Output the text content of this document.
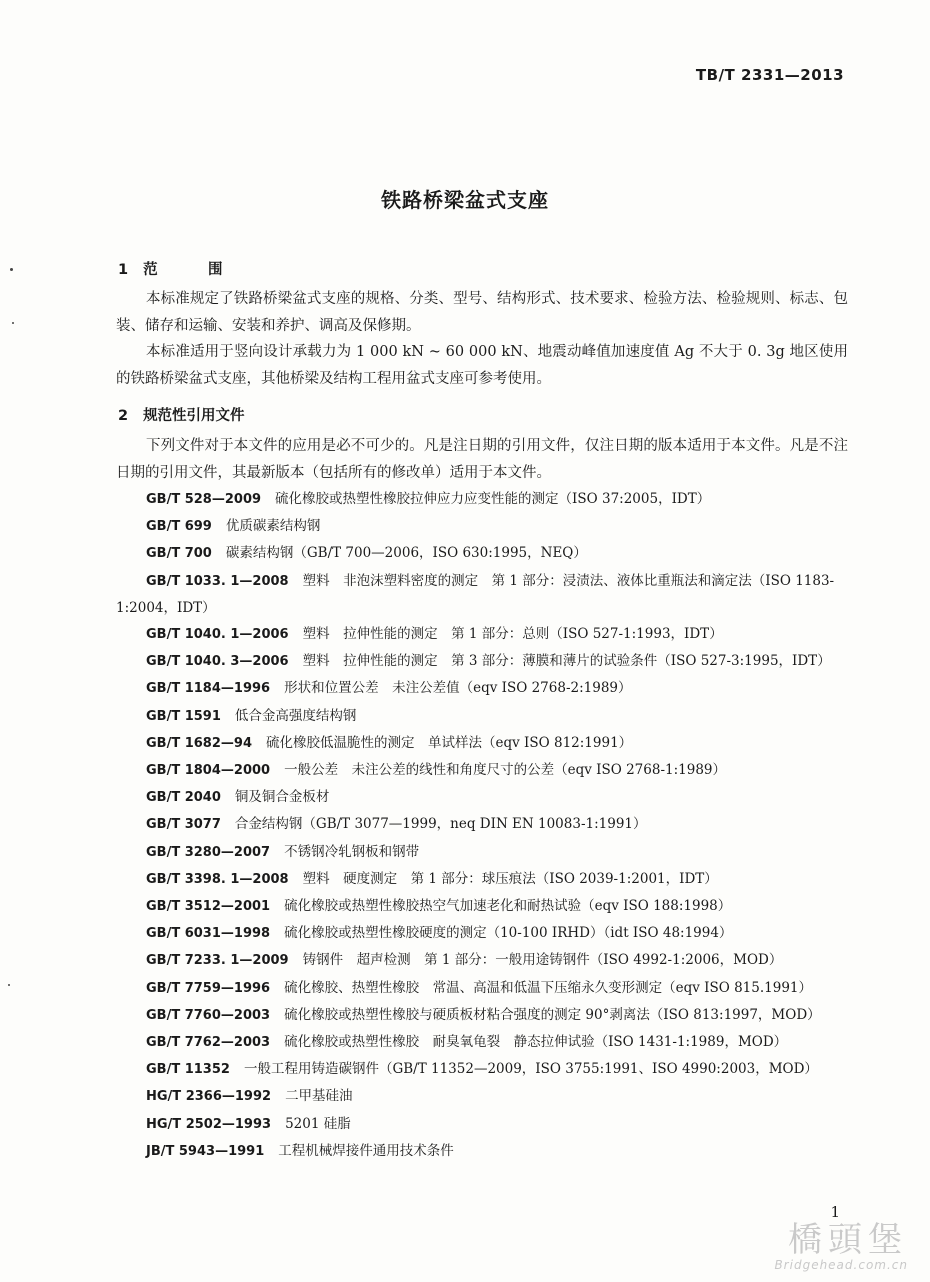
TB/T 2331—2013
铁路桥梁盆式支座
1 范　围
本标准规定了铁路桥梁盆式支座的规格、分类、型号、结构形式、技术要求、检验方法、检验规则、标志、包装、储存和运输、安装和养护、调高及保修期。
本标准适用于竖向设计承载力为 1 000 kN ~ 60 000 kN、地震动峰值加速度值 Ag 不大于 0. 3g 地区使用的铁路桥梁盆式支座，其他桥梁及结构工程用盆式支座可参考使用。
2 规范性引用文件
下列文件对于本文件的应用是必不可少的。凡是注日期的引用文件，仅注日期的版本适用于本文件。凡是不注日期的引用文件，其最新版本（包括所有的修改单）适用于本文件。
GB/T 528—2009 硫化橡胶或热塑性橡胶拉伸应力应变性能的测定（ISO 37:2005，IDT）
GB/T 699 优质碳素结构钢
GB/T 700 碳素结构钢（GB/T 700—2006，ISO 630:1995，NEQ）
GB/T 1033. 1—2008 塑料　非泡沫塑料密度的测定　第 1 部分：浸渍法、液体比重瓶法和滴定法（ISO 1183-1:2004，IDT）
GB/T 1040. 1—2006 塑料　拉伸性能的测定　第 1 部分：总则（ISO 527-1:1993，IDT）
GB/T 1040. 3—2006 塑料　拉伸性能的测定　第 3 部分：薄膜和薄片的试验条件（ISO 527-3:1995，IDT）
GB/T 1184—1996 形状和位置公差　未注公差值（eqv ISO 2768-2:1989）
GB/T 1591 低合金高强度结构钢
GB/T 1682—94 硫化橡胶低温脆性的测定　单试样法（eqv ISO 812:1991）
GB/T 1804—2000 一般公差　未注公差的线性和角度尺寸的公差（eqv ISO 2768-1:1989）
GB/T 2040 铜及铜合金板材
GB/T 3077 合金结构钢（GB/T 3077—1999，neq DIN EN 10083-1:1991）
GB/T 3280—2007 不锈钢冷轧钢板和钢带
GB/T 3398. 1—2008 塑料　硬度测定　第 1 部分：球压痕法（ISO 2039-1:2001，IDT）
GB/T 3512—2001 硫化橡胶或热塑性橡胶热空气加速老化和耐热试验（eqv ISO 188:1998）
GB/T 6031—1998 硫化橡胶或热塑性橡胶硬度的测定（10-100 IRHD）（idt ISO 48:1994）
GB/T 7233. 1—2009 铸钢件　超声检测　第 1 部分：一般用途铸钢件（ISO 4992-1:2006，MOD）
GB/T 7759—1996 硫化橡胶、热塑性橡胶　常温、高温和低温下压缩永久变形测定（eqv ISO 815.1991）
GB/T 7760—2003 硫化橡胶或热塑性橡胶与硬质板材粘合强度的测定 90°剥离法（ISO 813:1997，MOD）
GB/T 7762—2003 硫化橡胶或热塑性橡胶　耐臭氧龟裂　静态拉伸试验（ISO 1431-1:1989，MOD）
GB/T 11352 一般工程用铸造碳钢件（GB/T 11352—2009，ISO 3755:1991、ISO 4990:2003，MOD）
HG/T 2366—1992 二甲基硅油
HG/T 2502—1993 5201 硅脂
JB/T 5943—1991 工程机械焊接件通用技术条件
1
橋頭堡
Bridgehead.com.cn
